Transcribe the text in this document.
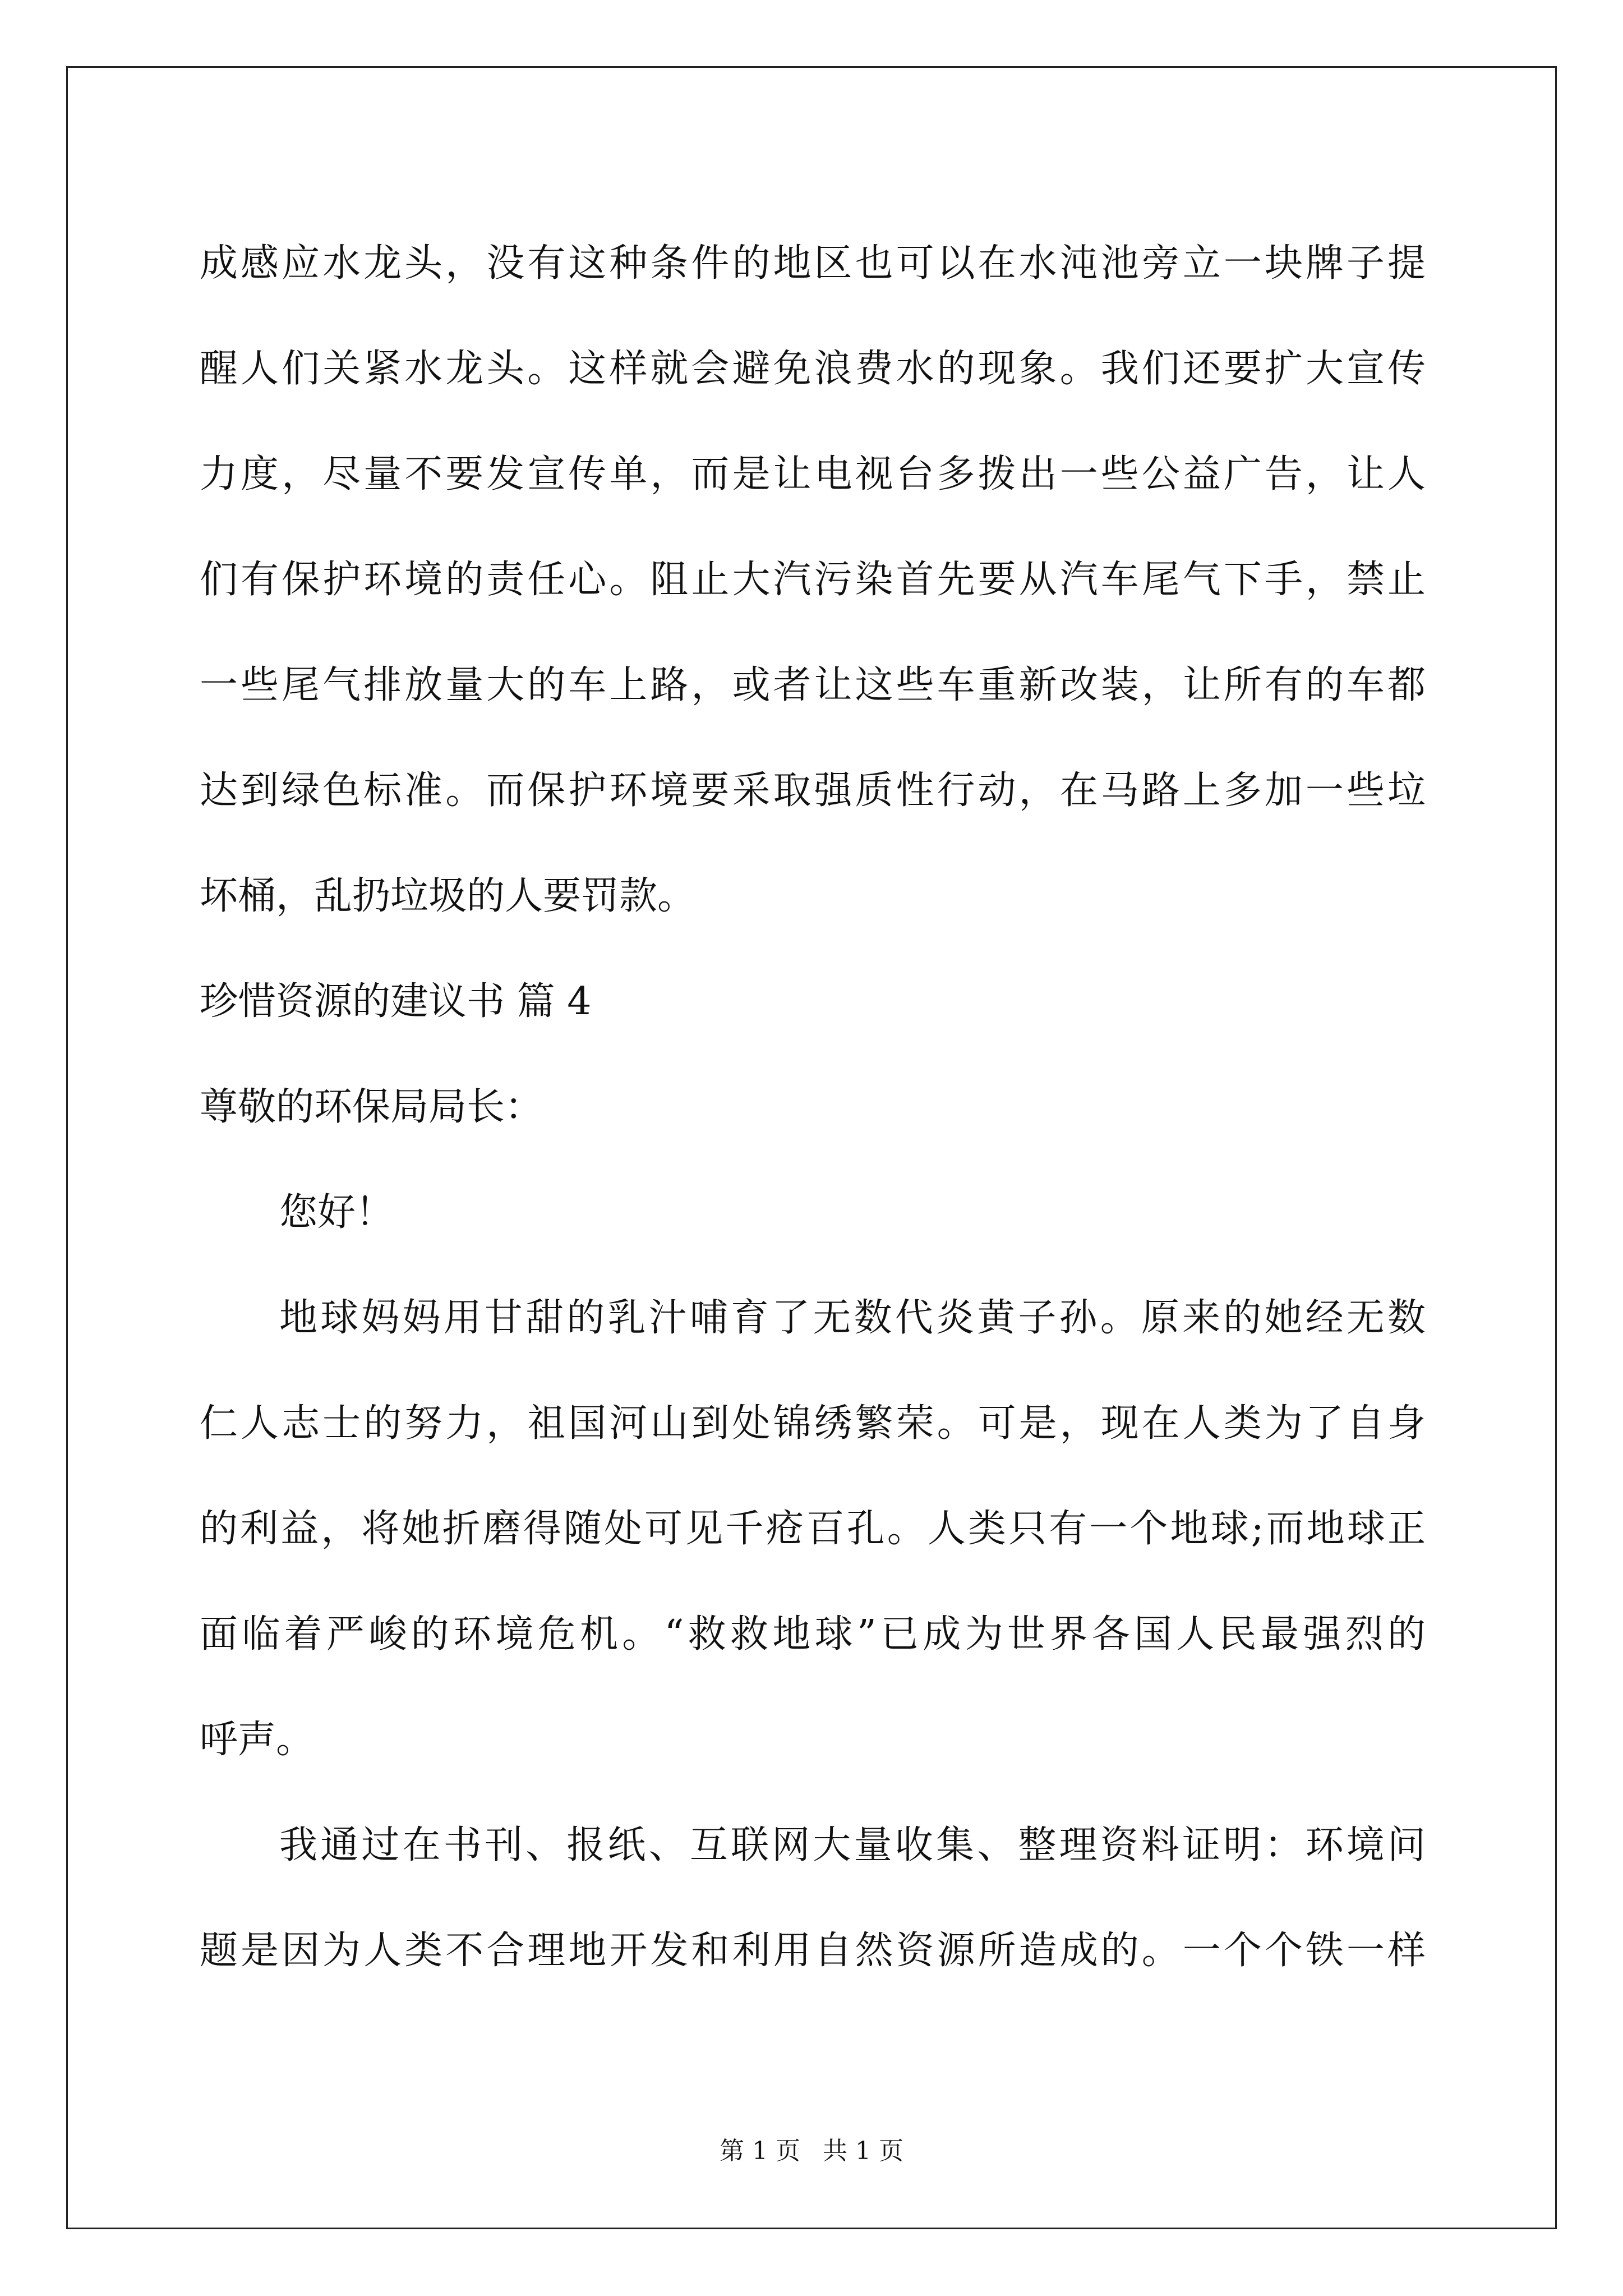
成感应水龙头，没有这种条件的地区也可以在水沌池旁立一块牌子提
醒人们关紧水龙头。这样就会避免浪费水的现象。我们还要扩大宣传
力度，尽量不要发宣传单，而是让电视台多拨出一些公益广告，让人
们有保护环境的责任心。阻止大汽污染首先要从汽车尾气下手，禁止
一些尾气排放量大的车上路，或者让这些车重新改装，让所有的车都
达到绿色标准。而保护环境要采取强质性行动，在马路上多加一些垃
坏桶，乱扔垃圾的人要罚款。
珍惜资源的建议书 篇 4
尊敬的环保局局长：
您好！
地球妈妈用甘甜的乳汁哺育了无数代炎黄子孙。原来的她经无数
仁人志士的努力，祖国河山到处锦绣繁荣。可是，现在人类为了自身
的利益，将她折磨得随处可见千疮百孔。人类只有一个地球;而地球正
面临着严峻的环境危机。“救救地球”已成为世界各国人民最强烈的
呼声。
我通过在书刊、报纸、互联网大量收集、整理资料证明：环境问
题是因为人类不合理地开发和利用自然资源所造成的。一个个铁一样
第 1 页 共 1 页
